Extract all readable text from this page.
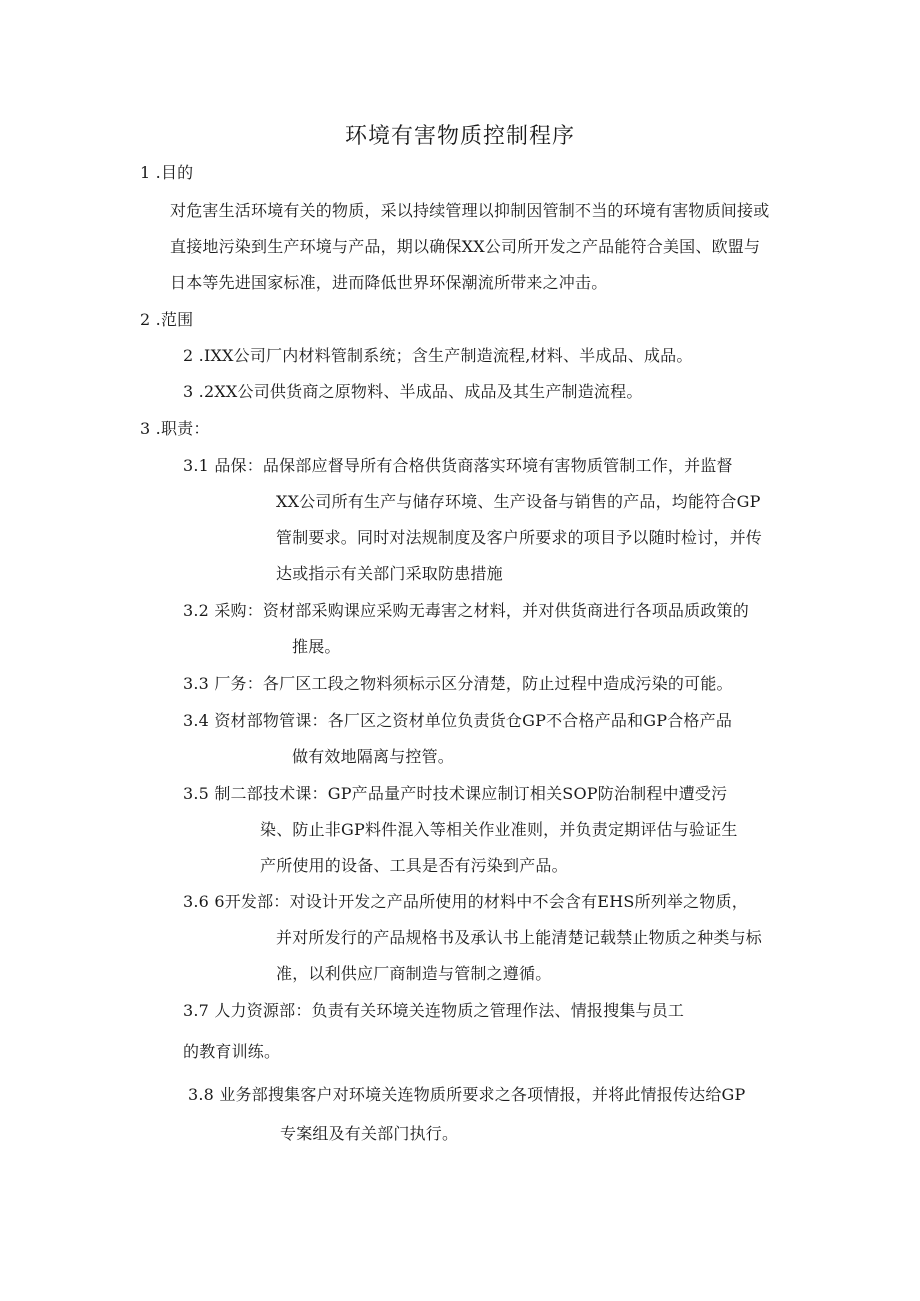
环境有害物质控制程序
1 .目的
对危害生活环境有关的物质，采以持续管理以抑制因管制不当的环境有害物质间接或
直接地污染到生产环境与产品，期以确保XX公司所开发之产品能符合美国、欧盟与
日本等先进国家标准，进而降低世界环保潮流所带来之冲击。
2 .范围
2 .IXX公司厂内材料管制系统；含生产制造流程,材料、半成品、成品。
3 .2XX公司供货商之原物料、半成品、成品及其生产制造流程。
3 .职责：
3.1 品保：品保部应督导所有合格供货商落实环境有害物质管制工作，并监督
XX公司所有生产与储存环境、生产设备与销售的产品，均能符合GP
管制要求。同时对法规制度及客户所要求的项目予以随时检讨，并传
达或指示有关部门采取防患措施
3.2 采购：资材部采购课应采购无毒害之材料，并对供货商进行各项品质政策的
推展。
3.3 厂务：各厂区工段之物料须标示区分清楚，防止过程中造成污染的可能。
3.4 资材部物管课：各厂区之资材单位负责货仓GP不合格产品和GP合格产品
做有效地隔离与控管。
3.5 制二部技术课：GP产品量产时技术课应制订相关SOP防治制程中遭受污
染、防止非GP料件混入等相关作业准则，并负责定期评估与验证生
产所使用的设备、工具是否有污染到产品。
3.6 6开发部：对设计开发之产品所使用的材料中不会含有EHS所列举之物质，
并对所发行的产品规格书及承认书上能清楚记载禁止物质之种类与标
准，以利供应厂商制造与管制之遵循。
3.7 人力资源部：负责有关环境关连物质之管理作法、情报搜集与员工
的教育训练。
3.8 业务部搜集客户对环境关连物质所要求之各项情报，并将此情报传达给GP
专案组及有关部门执行。
